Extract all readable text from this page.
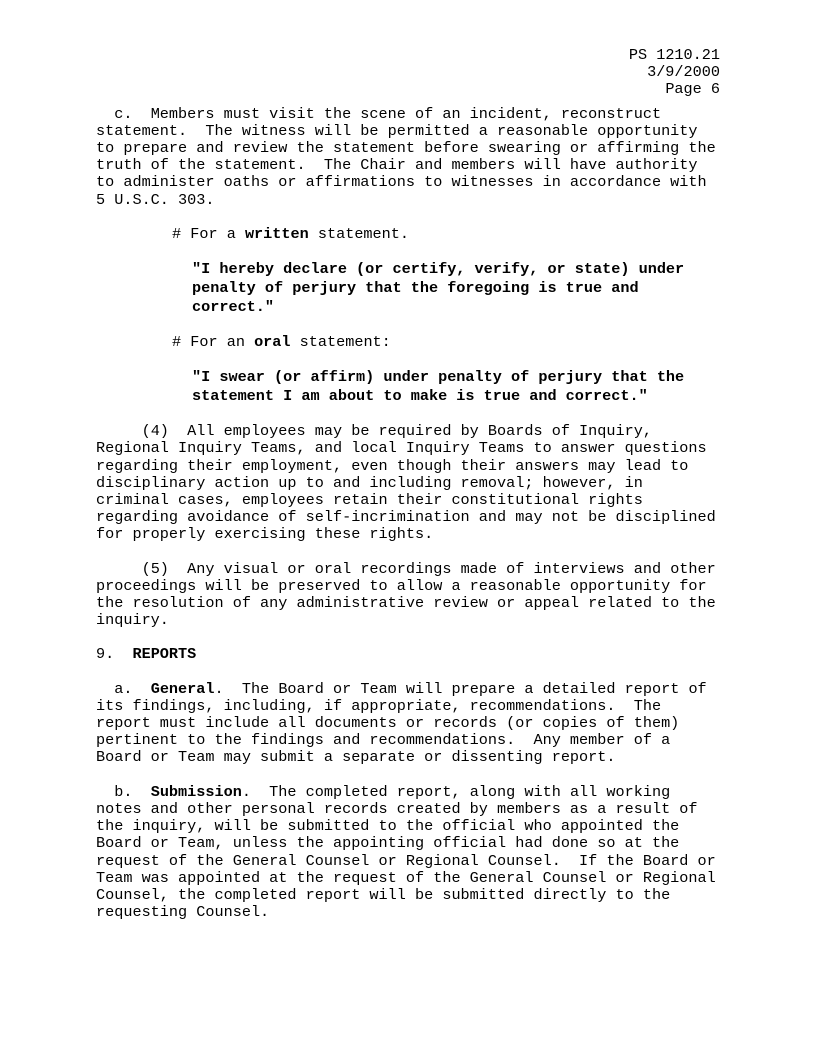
PS 1210.21
3/9/2000
Page 6

c.  Members must visit the scene of an incident, reconstruct statement.  The witness will be permitted a reasonable opportunity to prepare and review the statement before swearing or affirming the truth of the statement.  The Chair and members will have authority to administer oaths or affirmations to witnesses in accordance with 5 U.S.C. 303.

# For a written statement.

"I hereby declare (or certify, verify, or state) under penalty of perjury that the foregoing is true and correct."

# For an oral statement:

"I swear (or affirm) under penalty of perjury that the statement I am about to make is true and correct."

(4)  All employees may be required by Boards of Inquiry, Regional Inquiry Teams, and local Inquiry Teams to answer questions regarding their employment, even though their answers may lead to disciplinary action up to and including removal; however, in criminal cases, employees retain their constitutional rights regarding avoidance of self-incrimination and may not be disciplined for properly exercising these rights.

(5)  Any visual or oral recordings made of interviews and other proceedings will be preserved to allow a reasonable opportunity for the resolution of any administrative review or appeal related to the inquiry.

9. REPORTS

a.  General.  The Board or Team will prepare a detailed report of its findings, including, if appropriate, recommendations.  The report must include all documents or records (or copies of them) pertinent to the findings and recommendations.  Any member of a Board or Team may submit a separate or dissenting report.

b.  Submission.  The completed report, along with all working notes and other personal records created by members as a result of the inquiry, will be submitted to the official who appointed the Board or Team, unless the appointing official had done so at the request of the General Counsel or Regional Counsel.  If the Board or Team was appointed at the request of the General Counsel or Regional Counsel, the completed report will be submitted directly to the requesting Counsel.
